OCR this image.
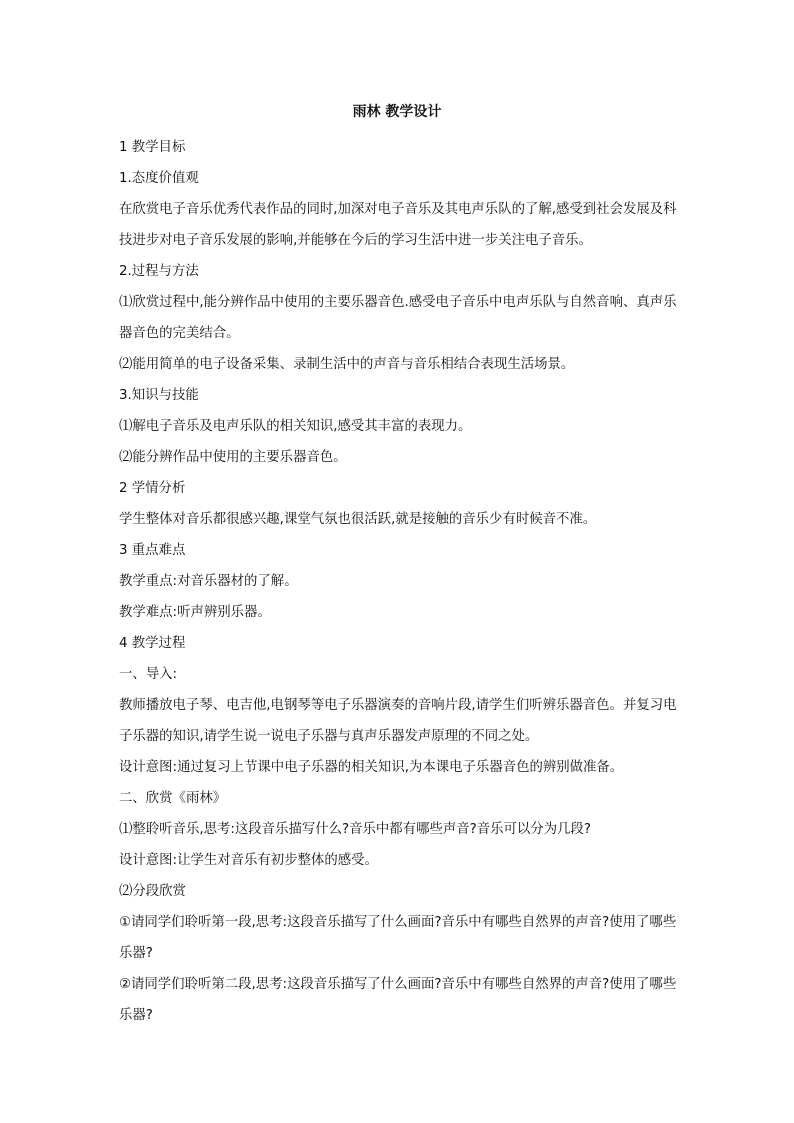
雨林 教学设计

1 教学目标

1.态度价值观

在欣赏电子音乐优秀代表作品的同时,加深对电子音乐及其电声乐队的了解,感受到社会发展及科技进步对电子音乐发展的影响,并能够在今后的学习生活中进一步关注电子音乐。

2.过程与方法

⑴欣赏过程中,能分辨作品中使用的主要乐器音色.感受电子音乐中电声乐队与自然音响、真声乐器音色的完美结合。

⑵能用简单的电子设备采集、录制生活中的声音与音乐相结合表现生活场景。

3.知识与技能

⑴解电子音乐及电声乐队的相关知识,感受其丰富的表现力。

⑵能分辨作品中使用的主要乐器音色。

2 学情分析

学生整体对音乐都很感兴趣,课堂气氛也很活跃,就是接触的音乐少有时候音不准。

3 重点难点

教学重点:对音乐器材的了解。

教学难点:听声辨别乐器。

4 教学过程

一、导入:

教师播放电子琴、电吉他,电钢琴等电子乐器演奏的音响片段,请学生们听辨乐器音色。并复习电子乐器的知识,请学生说一说电子乐器与真声乐器发声原理的不同之处。

设计意图:通过复习上节课中电子乐器的相关知识,为本课电子乐器音色的辨别做准备。

二、欣赏《雨林》

⑴整聆听音乐,思考:这段音乐描写什么?音乐中都有哪些声音?音乐可以分为几段?

设计意图:让学生对音乐有初步整体的感受。

⑵分段欣赏

①请同学们聆听第一段,思考:这段音乐描写了什么画面?音乐中有哪些自然界的声音?使用了哪些乐器?

②请同学们聆听第二段,思考:这段音乐描写了什么画面?音乐中有哪些自然界的声音?使用了哪些乐器?
